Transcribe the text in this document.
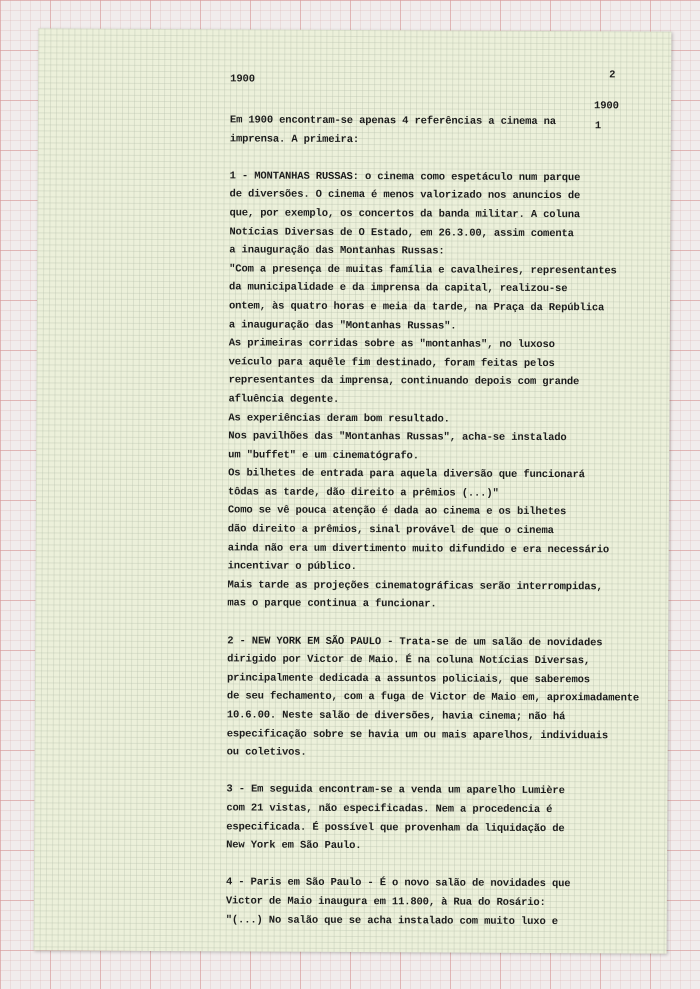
1900	2
1900
1
Em 1900 encontram-se apenas 4 referências a cinema na
imprensa. A primeira:
1 - MONTANHAS RUSSAS: o cinema como espetáculo num parque
de diversões. O cinema é menos valorizado nos anuncios de
que, por exemplo, os concertos da banda militar. A coluna
Notícias Diversas de O Estado, em 26.3.00, assim comenta
a inauguração das Montanhas Russas:
"Com a presença de muitas família e cavalheires, representantes
da municipalidade e da imprensa da capital, realizou-se
ontem, às quatro horas e meia da tarde, na Praça da República
a inauguração das "Montanhas Russas".
As primeiras corridas sobre as "montanhas", no luxoso
veículo para aquêle fim destinado, foram feitas pelos
representantes da imprensa, continuando depois com grande
afluência degente.
As experiências deram bom resultado.
Nos pavilhões das "Montanhas Russas", acha-se instalado
um "buffet" e um cinematógrafo.
Os bilhetes de entrada para aquela diversão que funcionará
tôdas as tarde, dão direito a prêmios (...)"
Como se vê pouca atenção é dada ao cinema e os bilhetes
dão direito a prêmios, sinal provável de que o cinema
ainda não era um divertimento muito difundido e era necessário
incentivar o público.
Mais tarde as projeções cinematográficas serão interrompidas,
mas o parque continua a funcionar.
2 - NEW YORK EM SÃO PAULO - Trata-se de um salão de novidades
dirigido por Victor de Maio. É na coluna Notícias Diversas,
principalmente dedicada a assuntos policiais, que saberemos
de seu fechamento, com a fuga de Victor de Maio em, aproximadamente
10.6.00. Neste salão de diversões, havia cinema; não há
especificação sobre se havia um ou mais aparelhos, individuais
ou coletivos.
3 - Em seguida encontram-se a venda um aparelho Lumière
com 21 vistas, não especificadas. Nem a procedencia é
especificada. É possível que provenham da liquidação de
New York em São Paulo.
4 - Paris em São Paulo - É o novo salão de novidades que
Victor de Maio inaugura em 11.800, à Rua do Rosário:
"(...) No salão que se acha instalado com muito luxo e
